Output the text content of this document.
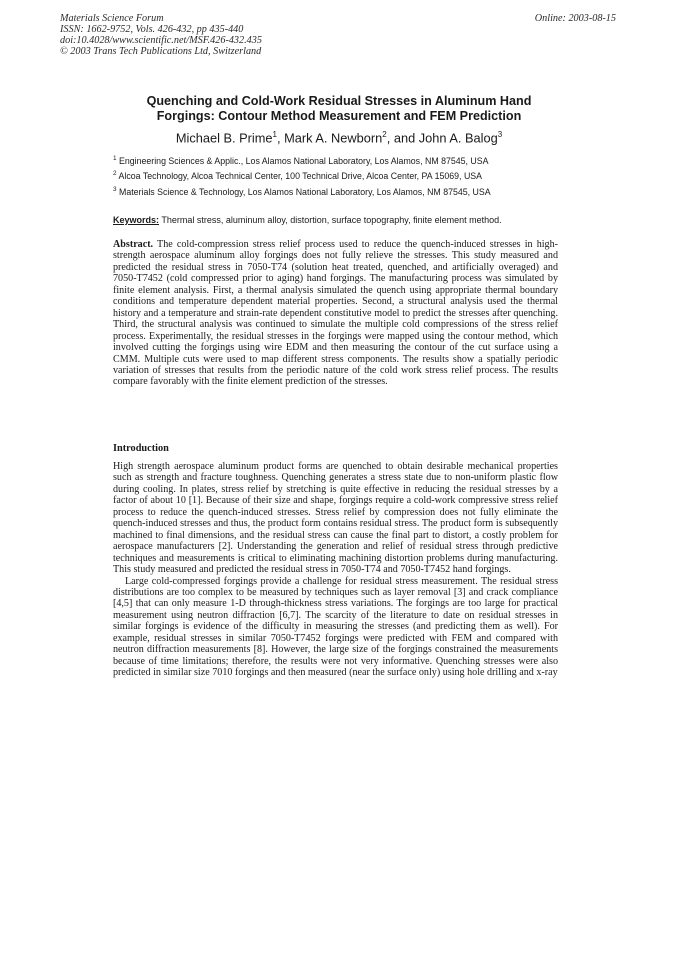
Materials Science Forum
ISSN: 1662-9752, Vols. 426-432, pp 435-440
doi:10.4028/www.scientific.net/MSF.426-432.435
© 2003 Trans Tech Publications Ltd, Switzerland
Online: 2003-08-15
Quenching and Cold-Work Residual Stresses in Aluminum Hand
Forgings: Contour Method Measurement and FEM Prediction
Michael B. Prime$^1$, Mark A. Newborn$^2$, and John A. Balog$^3$
$^1$ Engineering Sciences & Applic., Los Alamos National Laboratory, Los Alamos, NM 87545, USA
$^2$ Alcoa Technology, Alcoa Technical Center, 100 Technical Drive, Alcoa Center, PA 15069, USA
$^3$ Materials Science & Technology, Los Alamos National Laboratory, Los Alamos, NM 87545, USA
Keywords: Thermal stress, aluminum alloy, distortion, surface topography, finite element method.
Abstract. The cold-compression stress relief process used to reduce the quench-induced stresses in high-strength aerospace aluminum alloy forgings does not fully relieve the stresses. This study measured and predicted the residual stress in 7050-T74 (solution heat treated, quenched, and artificially overaged) and 7050-T7452 (cold compressed prior to aging) hand forgings. The manufacturing process was simulated by finite element analysis. First, a thermal analysis simulated the quench using appropriate thermal boundary conditions and temperature dependent material properties. Second, a structural analysis used the thermal history and a temperature and strain-rate dependent constitutive model to predict the stresses after quenching. Third, the structural analysis was continued to simulate the multiple cold compressions of the stress relief process. Experimentally, the residual stresses in the forgings were mapped using the contour method, which involved cutting the forgings using wire EDM and then measuring the contour of the cut surface using a CMM. Multiple cuts were used to map different stress components. The results show a spatially periodic variation of stresses that results from the periodic nature of the cold work stress relief process. The results compare favorably with the finite element prediction of the stresses.
Introduction
High strength aerospace aluminum product forms are quenched to obtain desirable mechanical properties such as strength and fracture toughness. Quenching generates a stress state due to non-uniform plastic flow during cooling. In plates, stress relief by stretching is quite effective in reducing the residual stresses by a factor of about 10 [1]. Because of their size and shape, forgings require a cold-work compressive stress relief process to reduce the quench-induced stresses. Stress relief by compression does not fully eliminate the quench-induced stresses and thus, the product form contains residual stress. The product form is subsequently machined to final dimensions, and the residual stress can cause the final part to distort, a costly problem for aerospace manufacturers [2]. Understanding the generation and relief of residual stress through predictive techniques and measurements is critical to eliminating machining distortion problems during manufacturing. This study measured and predicted the residual stress in 7050-T74 and 7050-T7452 hand forgings.
Large cold-compressed forgings provide a challenge for residual stress measurement. The residual stress distributions are too complex to be measured by techniques such as layer removal [3] and crack compliance [4,5] that can only measure 1-D through-thickness stress variations. The forgings are too large for practical measurement using neutron diffraction [6,7]. The scarcity of the literature to date on residual stresses in similar forgings is evidence of the difficulty in measuring the stresses (and predicting them as well). For example, residual stresses in similar 7050-T7452 forgings were predicted with FEM and compared with neutron diffraction measurements [8]. However, the large size of the forgings constrained the measurements because of time limitations; therefore, the results were not very informative. Quenching stresses were also predicted in similar size 7010 forgings and then measured (near the surface only) using hole drilling and x-ray
